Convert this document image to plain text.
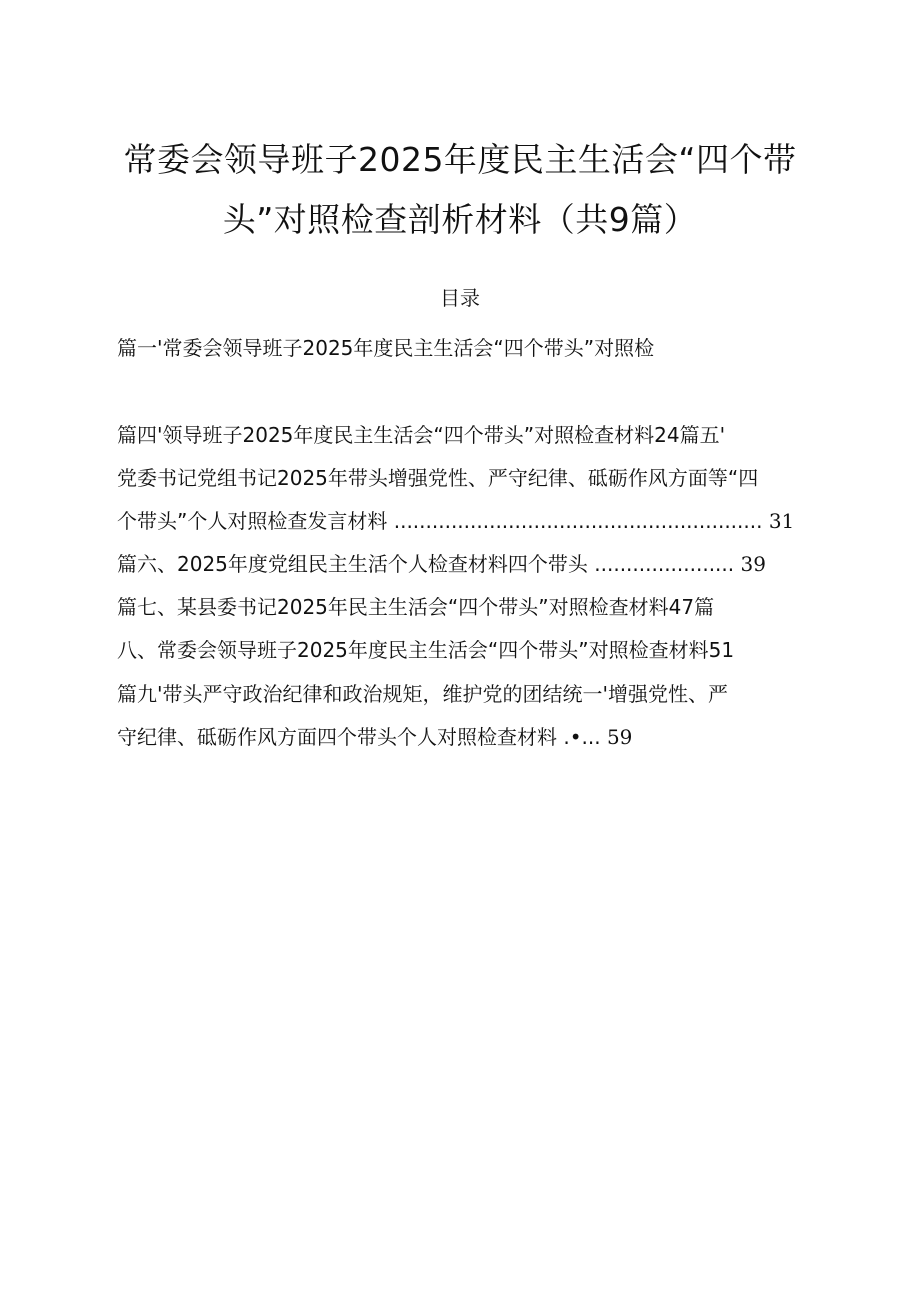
常委会领导班子2025年度民主生活会“四个带
头”对照检查剖析材料（共9篇）
目录
篇一'常委会领导班子2025年度民主生活会“四个带头”对照检
篇四'领导班子2025年度民主生活会“四个带头”对照检查材料24篇五'
党委书记党组书记2025年带头增强党性、严守纪律、砥砺作风方面等“四
个带头”个人对照检查发言材料 .......................................................... 31
篇六、2025年度党组民主生活个人检查材料四个带头 ...................... 39
篇七、某县委书记2025年民主生活会“四个带头”对照检查材料47篇
八、常委会领导班子2025年度民主生活会“四个带头”对照检查材料51
篇九'带头严守政治纪律和政治规矩，维护党的团结统一'增强党性、严
守纪律、砥砺作风方面四个带头个人对照检查材料 .•... 59
